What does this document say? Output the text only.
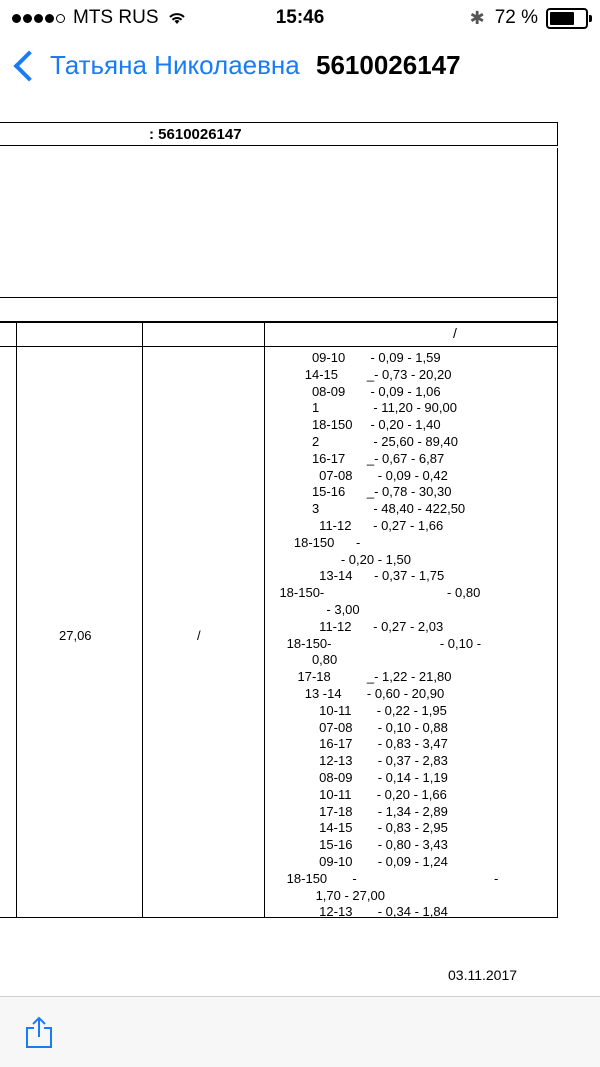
MTS RUS	15:46	✱ 72 %
Татьяна Николаевна 5610026147
: 5610026147
/
27,06	/
09-10       - 0,09 - 1,59
14-15        _- 0,73 - 20,20
08-09       - 0,09 - 1,06
1               - 11,20 - 90,00
18-150     - 0,20 - 1,40
2               - 25,60 - 89,40
16-17      _- 0,67 - 6,87
07-08       - 0,09 - 0,42
15-16      _- 0,78 - 30,30
3               - 48,40 - 422,50
11-12      - 0,27 - 1,66
18-150      -
- 0,20 - 1,50
13-14      - 0,37 - 1,75
18-150-                                  - 0,80
- 3,00
11-12      - 0,27 - 2,03
18-150-                              - 0,10 -
0,80
17-18          _- 1,22 - 21,80
13 -14       - 0,60 - 20,90
10-11       - 0,22 - 1,95
07-08       - 0,10 - 0,88
16-17       - 0,83 - 3,47
12-13       - 0,37 - 2,83
08-09       - 0,14 - 1,19
10-11       - 0,20 - 1,66
17-18       - 1,34 - 2,89
14-15       - 0,83 - 2,95
15-16       - 0,80 - 3,43
09-10       - 0,09 - 1,24
18-150       -                                      -
1,70 - 27,00
12-13       - 0,34 - 1,84
03.11.2017
